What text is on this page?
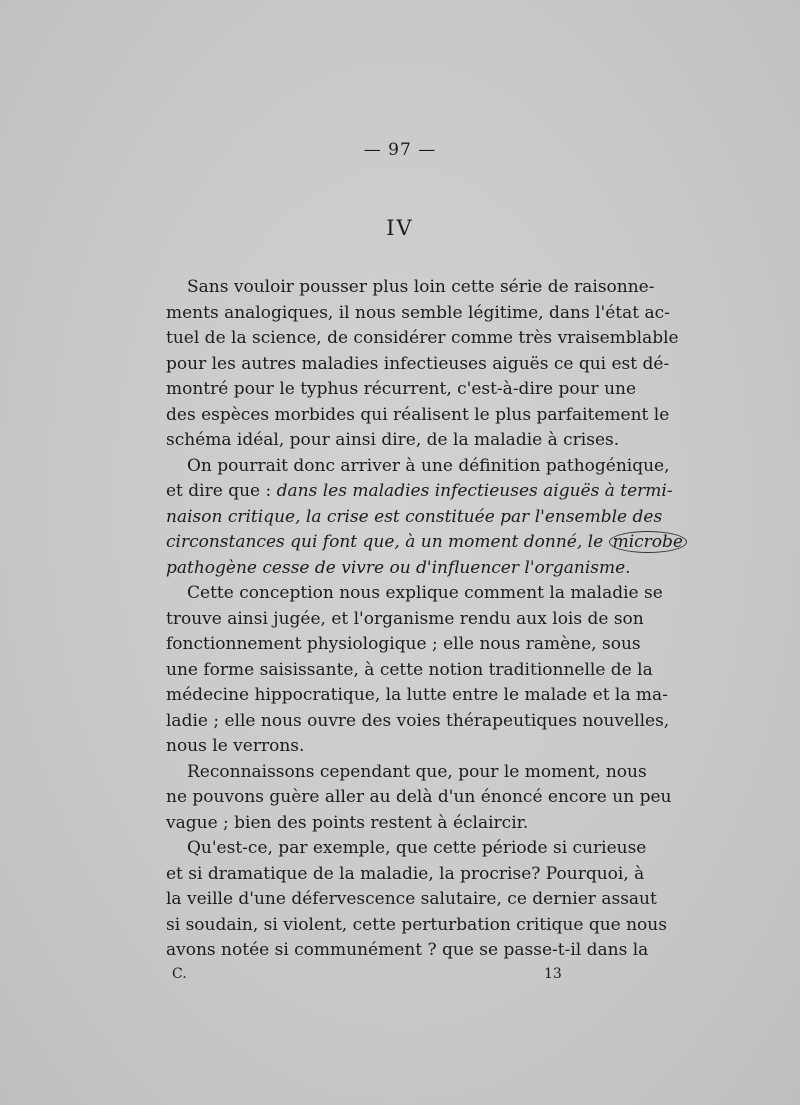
— 97 —
IV
Sans vouloir pousser plus loin cette série de raisonne-
ments analogiques, il nous semble légitime, dans l'état ac-
tuel de la science, de considérer comme très vraisemblable
pour les autres maladies infectieuses aiguës ce qui est dé-
montré pour le typhus récurrent, c'est-à-dire pour une
des espèces morbides qui réalisent le plus parfaitement le
schéma idéal, pour ainsi dire, de la maladie à crises.
On pourrait donc arriver à une définition pathogénique,
et dire que : dans les maladies infectieuses aiguës à termi-
naison critique, la crise est constituée par l'ensemble des
circonstances qui font que, à un moment donné, le microbe
pathogène cesse de vivre ou d'influencer l'organisme.
Cette conception nous explique comment la maladie se
trouve ainsi jugée, et l'organisme rendu aux lois de son
fonctionnement physiologique ; elle nous ramène, sous
une forme saisissante, à cette notion traditionnelle de la
médecine hippocratique, la lutte entre le malade et la ma-
ladie ; elle nous ouvre des voies thérapeutiques nouvelles,
nous le verrons.
Reconnaissons cependant que, pour le moment, nous
ne pouvons guère aller au delà d'un énoncé encore un peu
vague ; bien des points restent à éclaircir.
Qu'est-ce, par exemple, que cette période si curieuse
et si dramatique de la maladie, la procrise? Pourquoi, à
la veille d'une défervescence salutaire, ce dernier assaut
si soudain, si violent, cette perturbation critique que nous
avons notée si communément ? que se passe-t-il dans la
C.	13
